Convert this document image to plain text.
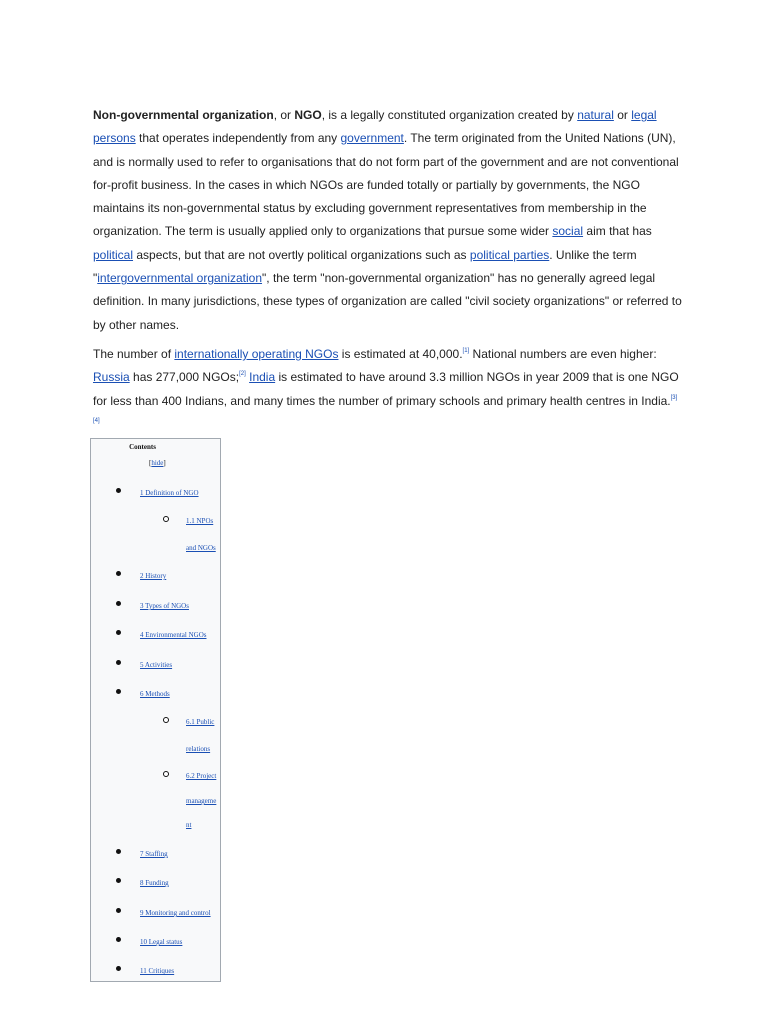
Non-governmental organization, or NGO, is a legally constituted organization created by natural or legal persons that operates independently from any government. The term originated from the United Nations (UN), and is normally used to refer to organisations that do not form part of the government and are not conventional for-profit business. In the cases in which NGOs are funded totally or partially by governments, the NGO maintains its non-governmental status by excluding government representatives from membership in the organization. The term is usually applied only to organizations that pursue some wider social aim that has political aspects, but that are not overtly political organizations such as political parties. Unlike the term "intergovernmental organization", the term "non-governmental organization" has no generally agreed legal definition. In many jurisdictions, these types of organization are called "civil society organizations" or referred to by other names.

The number of internationally operating NGOs is estimated at 40,000.[1] National numbers are even higher: Russia has 277,000 NGOs;[2] India is estimated to have around 3.3 million NGOs in year 2009 that is one NGO for less than 400 Indians, and many times the number of primary schools and primary health centres in India.[3][4]

Contents
[hide]
1 Definition of NGO
1.1 NPOs
and NGOs
2 History
3 Types of NGOs
4 Environmental NGOs
5 Activities
6 Methods
6.1 Public
relations
6.2 Project
manageme
nt
7 Staffing
8 Funding
9 Monitoring and control
10 Legal status
11 Critiques
